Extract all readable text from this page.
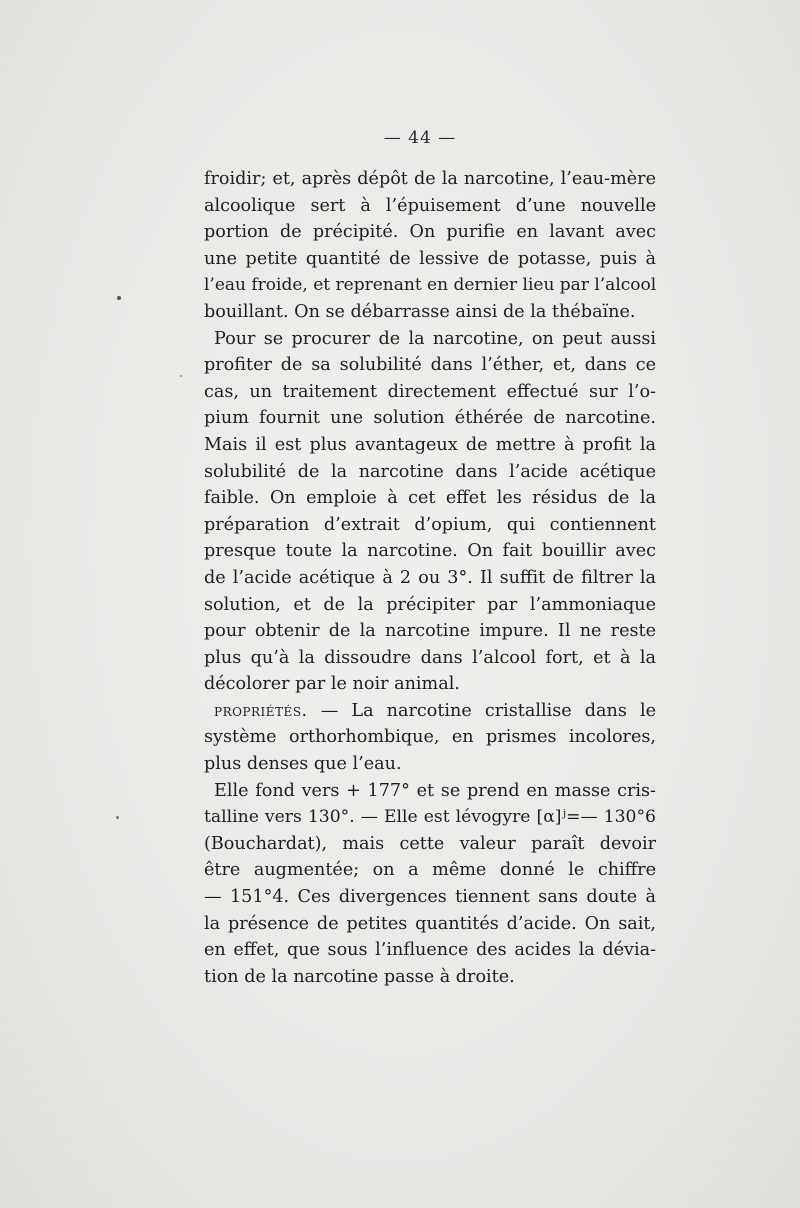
— 44 —
froidir; et, après dépôt de la narcotine, l’eau-mère
alcoolique sert à l’épuisement d’une nouvelle
portion de précipité. On purifie en lavant avec
une petite quantité de lessive de potasse, puis à
l’eau froide, et reprenant en dernier lieu par l’alcool
bouillant. On se débarrasse ainsi de la thébaïne.
Pour se procurer de la narcotine, on peut aussi
profiter de sa solubilité dans l’éther, et, dans ce
cas, un traitement directement effectué sur l’o-
pium fournit une solution éthérée de narcotine.
Mais il est plus avantageux de mettre à profit la
solubilité de la narcotine dans l’acide acétique
faible. On emploie à cet effet les résidus de la
préparation d’extrait d’opium, qui contiennent
presque toute la narcotine. On fait bouillir avec
de l’acide acétique à 2 ou 3°. Il suffit de filtrer la
solution, et de la précipiter par l’ammoniaque
pour obtenir de la narcotine impure. Il ne reste
plus qu’à la dissoudre dans l’alcool fort, et à la
décolorer par le noir animal.
propriétés. — La narcotine cristallise dans le
système orthorhombique, en prismes incolores,
plus denses que l’eau.
Elle fond vers + 177° et se prend en masse cris-
talline vers 130°. — Elle est lévogyre [α]ʲ=— 130°6
(Bouchardat), mais cette valeur paraît devoir
être augmentée; on a même donné le chiffre
— 151°4. Ces divergences tiennent sans doute à
la présence de petites quantités d’acide. On sait,
en effet, que sous l’influence des acides la dévia-
tion de la narcotine passe à droite.
